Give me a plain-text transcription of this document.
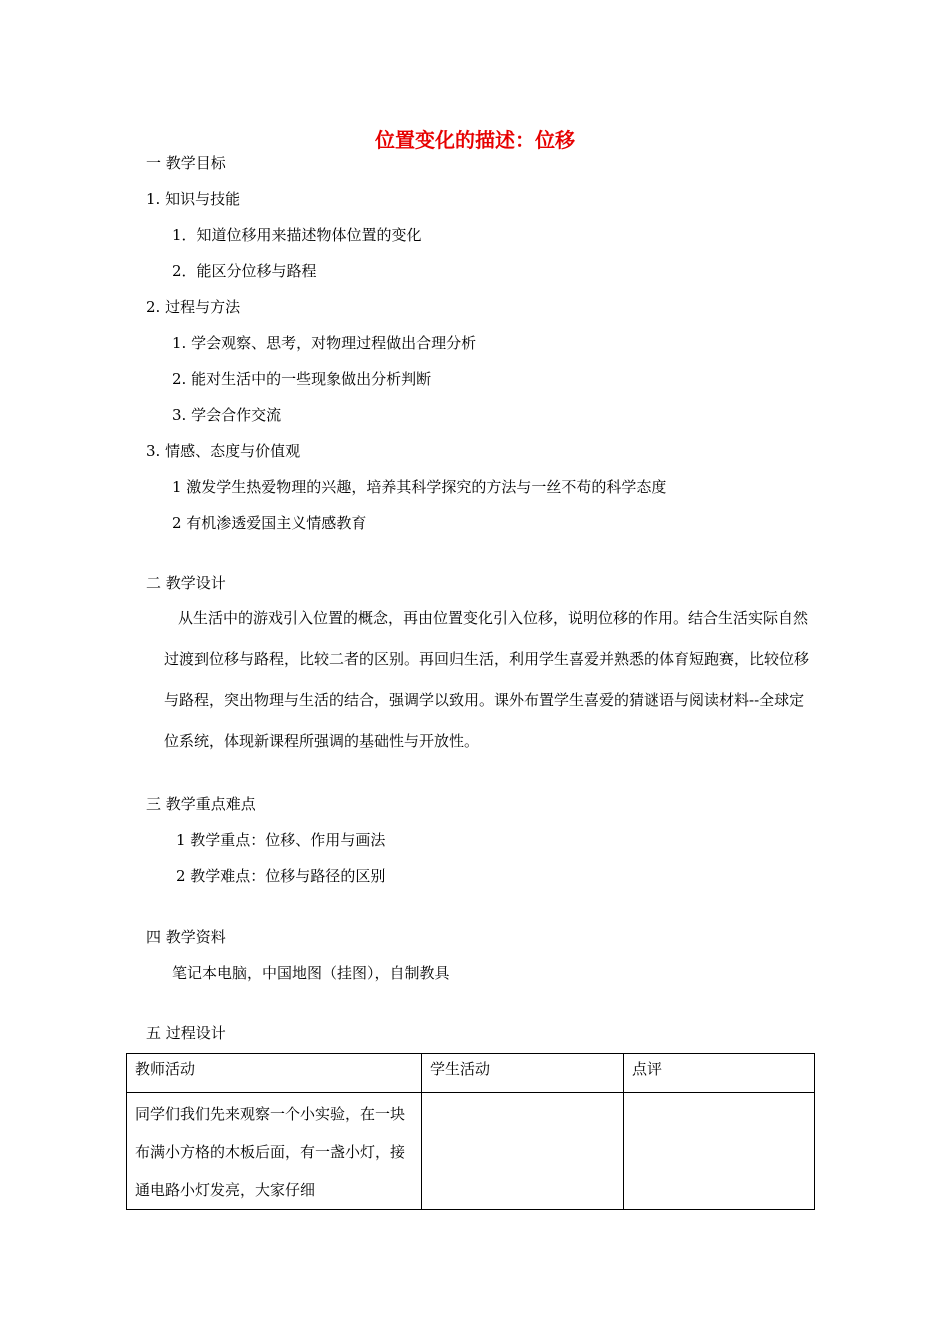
位置变化的描述：位移
一 教学目标
1. 知识与技能
1．知道位移用来描述物体位置的变化
2．能区分位移与路程
2. 过程与方法
1. 学会观察、思考，对物理过程做出合理分析
2. 能对生活中的一些现象做出分析判断
3. 学会合作交流
3. 情感、态度与价值观
1 激发学生热爱物理的兴趣，培养其科学探究的方法与一丝不苟的科学态度
2 有机渗透爱国主义情感教育
二 教学设计
从生活中的游戏引入位置的概念，再由位置变化引入位移，说明位移的作用。结合生活实际自然过渡到位移与路程，比较二者的区别。再回归生活，利用学生喜爱并熟悉的体育短跑赛，比较位移与路程，突出物理与生活的结合，强调学以致用。课外布置学生喜爱的猜谜语与阅读材料--全球定位系统，体现新课程所强调的基础性与开放性。
三 教学重点难点
1 教学重点：位移、作用与画法
2 教学难点：位移与路径的区别
四 教学资料
笔记本电脑，中国地图（挂图），自制教具
五 过程设计
教师活动	学生活动	点评

同学们我们先来观察一个小实验，在一块布满小方格的木板后面，有一盏小灯，接通电路小灯发亮，大家仔细		
